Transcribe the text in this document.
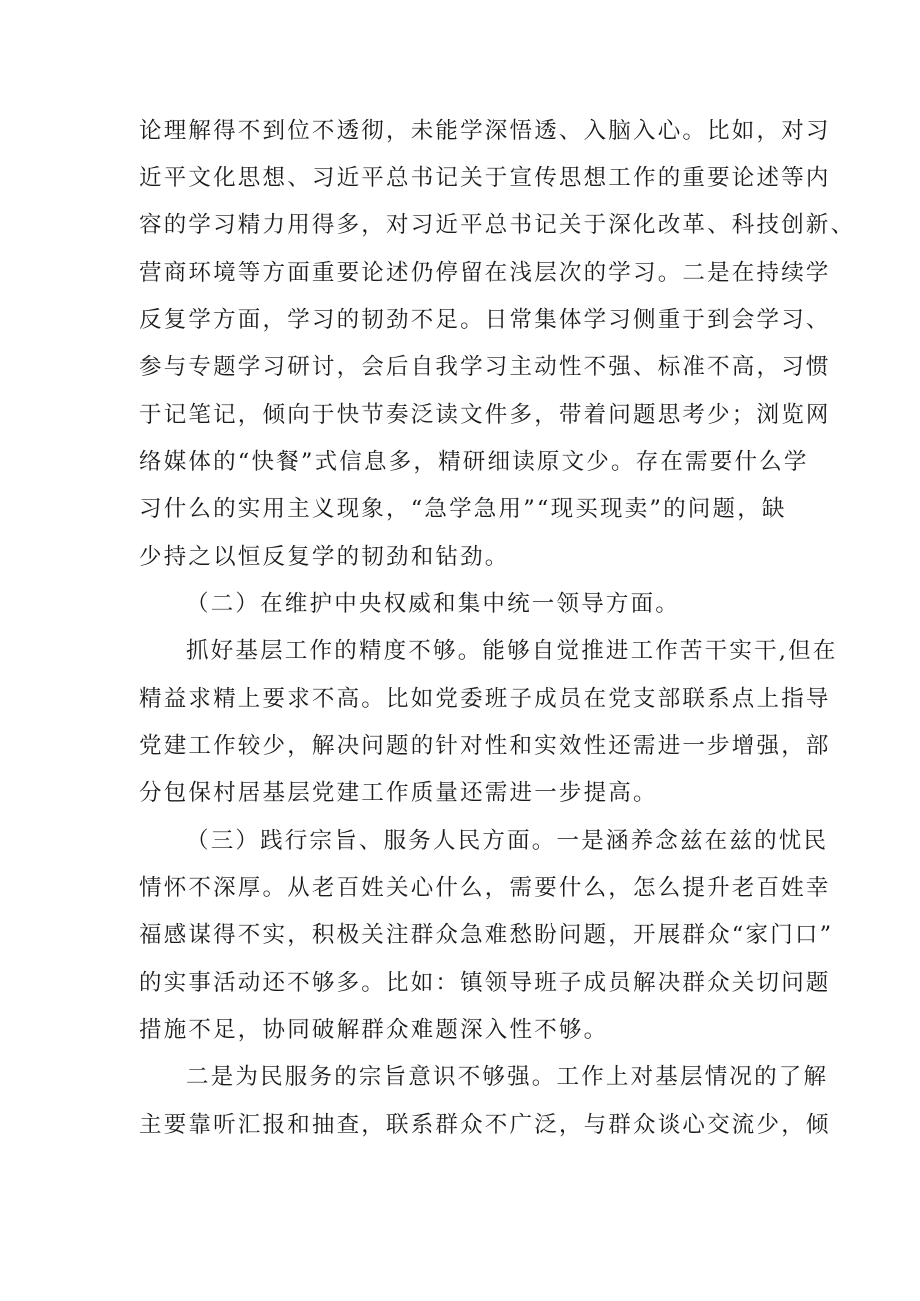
论理解得不到位不透彻，未能学深悟透、入脑入心。比如，对习
近平文化思想、习近平总书记关于宣传思想工作的重要论述等内
容的学习精力用得多，对习近平总书记关于深化改革、科技创新、
营商环境等方面重要论述仍停留在浅层次的学习。二是在持续学
反复学方面，学习的韧劲不足。日常集体学习侧重于到会学习、
参与专题学习研讨，会后自我学习主动性不强、标准不高，习惯
于记笔记，倾向于快节奏泛读文件多，带着问题思考少；浏览网
络媒体的“快餐”式信息多，精研细读原文少。存在需要什么学
习什么的实用主义现象，“急学急用”“现买现卖”的问题，缺
少持之以恒反复学的韧劲和钻劲。
（二）在维护中央权威和集中统一领导方面。
抓好基层工作的精度不够。能够自觉推进工作苦干实干,但在
精益求精上要求不高。比如党委班子成员在党支部联系点上指导
党建工作较少，解决问题的针对性和实效性还需进一步增强，部
分包保村居基层党建工作质量还需进一步提高。
（三）践行宗旨、服务人民方面。一是涵养念兹在兹的忧民
情怀不深厚。从老百姓关心什么，需要什么，怎么提升老百姓幸
福感谋得不实，积极关注群众急难愁盼问题，开展群众“家门口”
的实事活动还不够多。比如：镇领导班子成员解决群众关切问题
措施不足，协同破解群众难题深入性不够。
二是为民服务的宗旨意识不够强。工作上对基层情况的了解
主要靠听汇报和抽查，联系群众不广泛，与群众谈心交流少，倾
